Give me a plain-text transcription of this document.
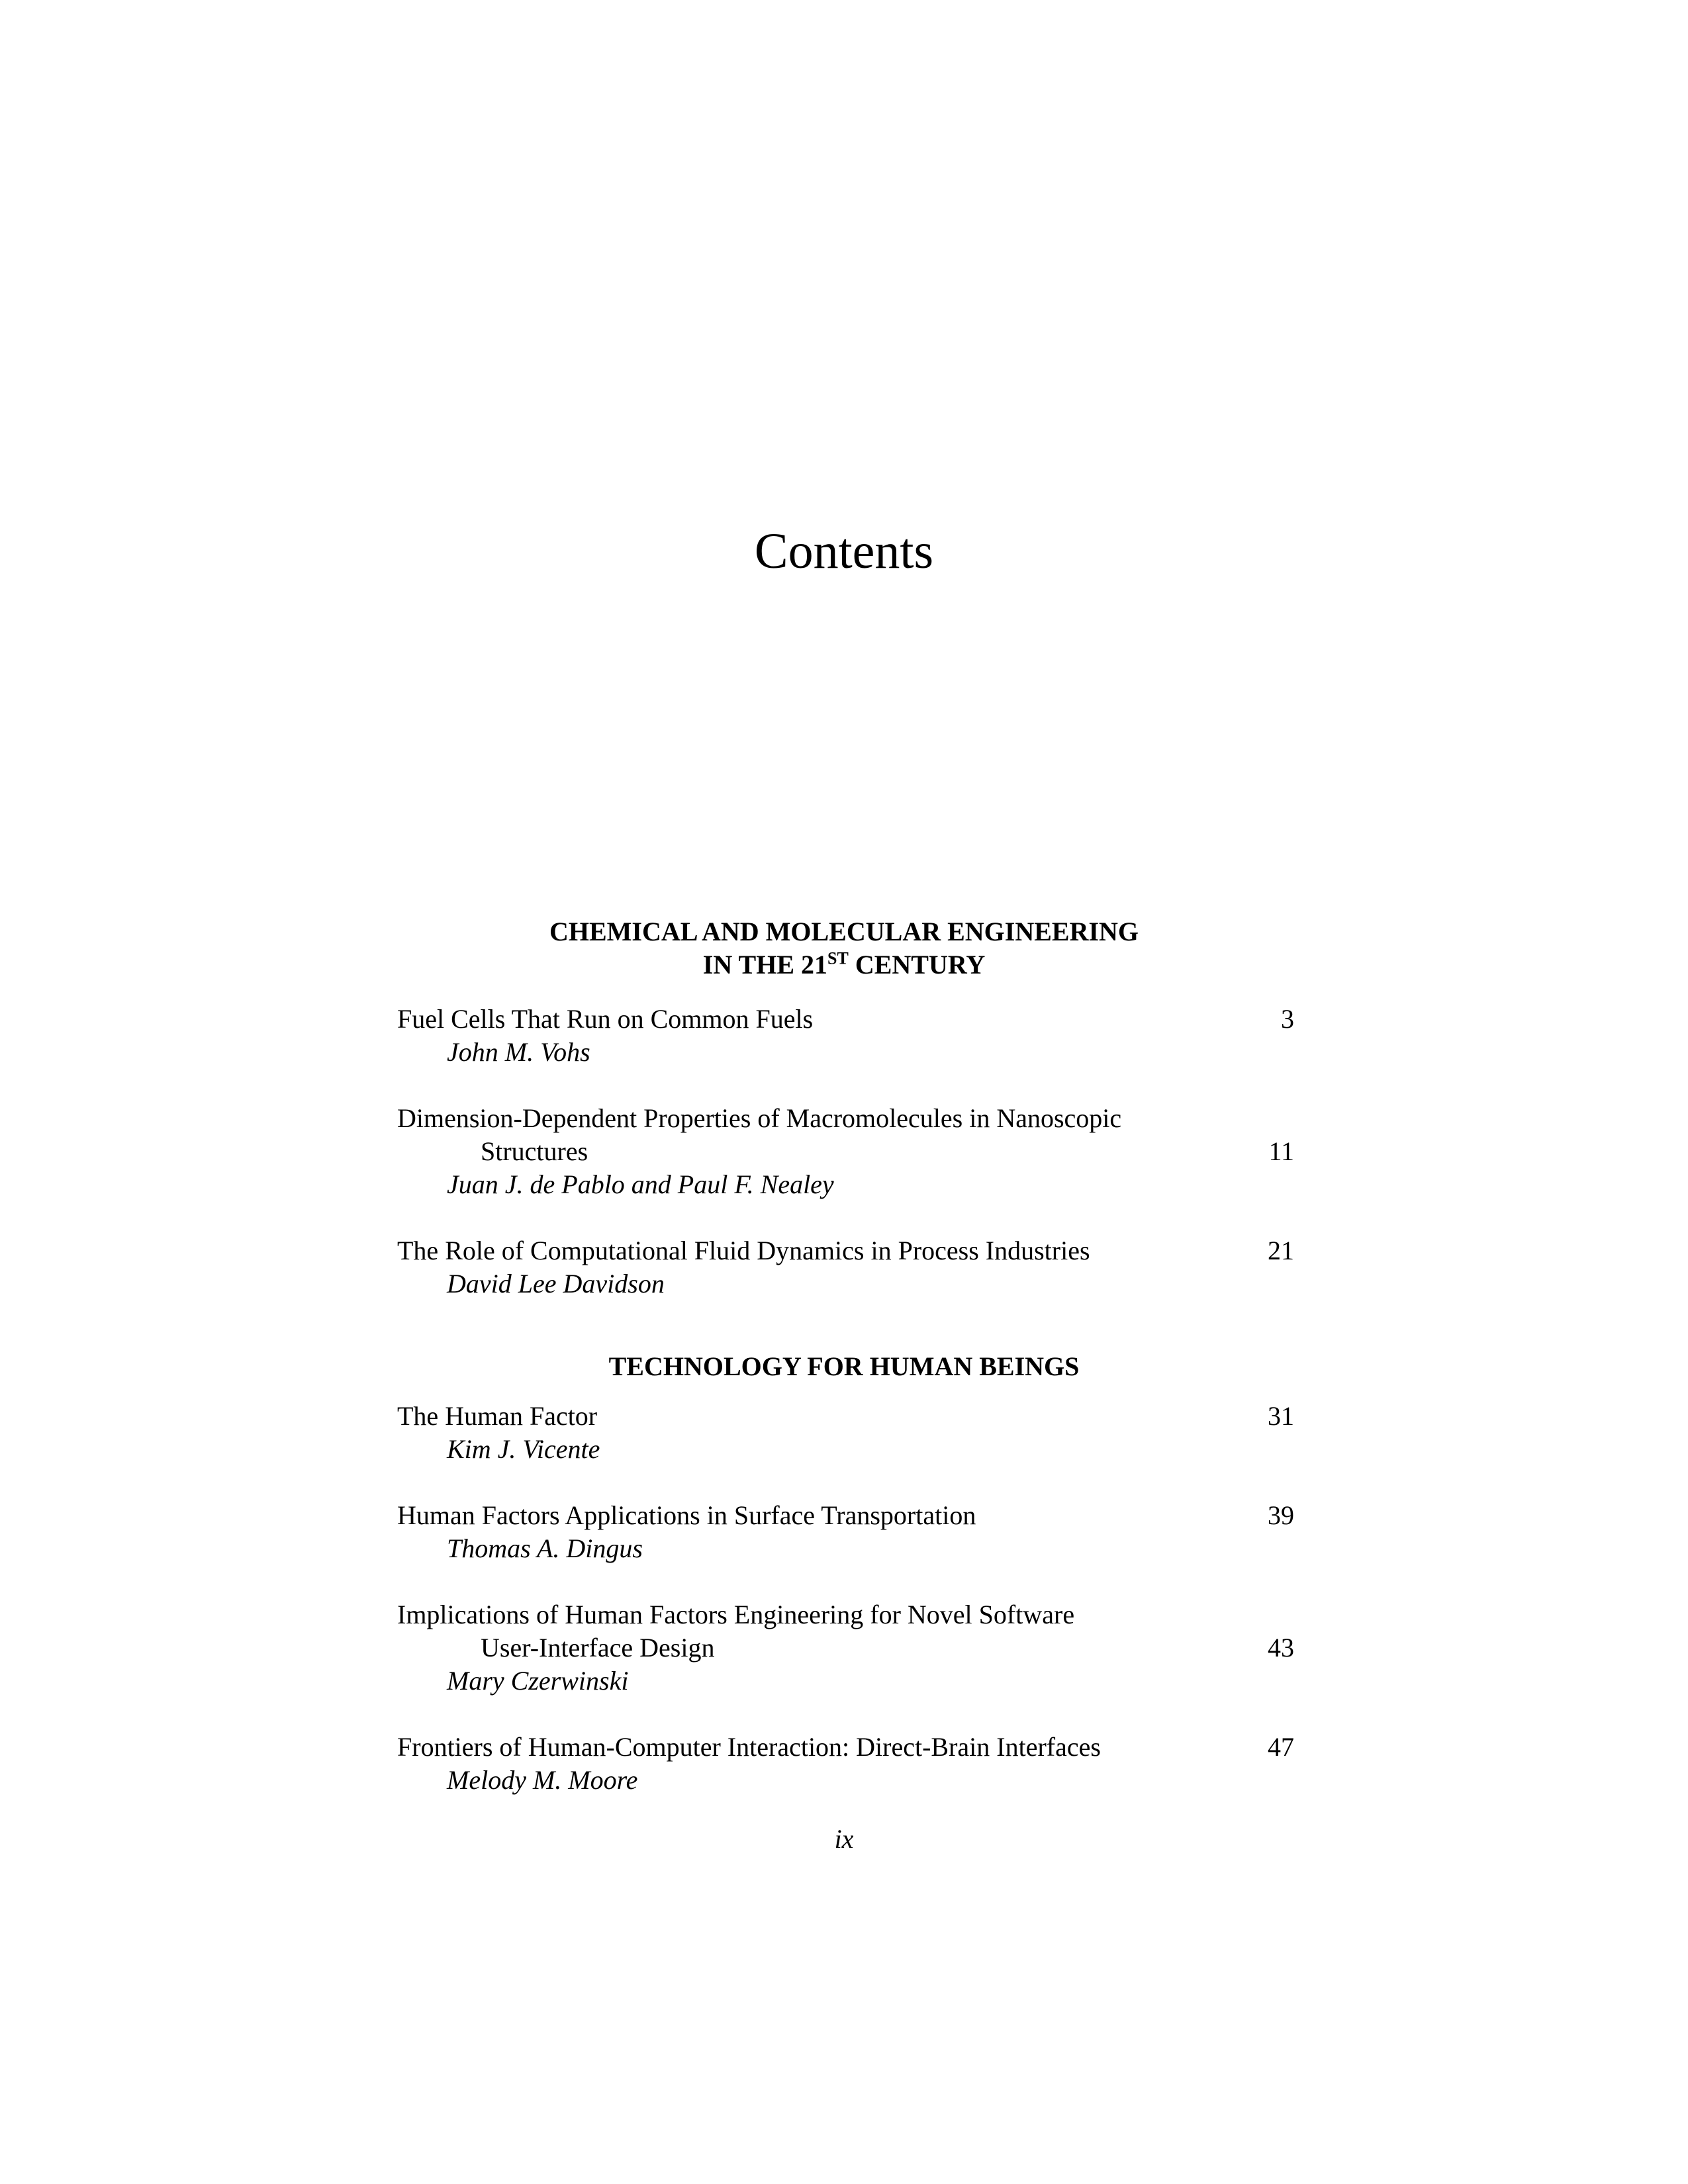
Contents
CHEMICAL AND MOLECULAR ENGINEERING
IN THE 21ST CENTURY
Fuel Cells That Run on Common Fuels	3
John M. Vohs
Dimension-Dependent Properties of Macromolecules in Nanoscopic
Structures	11
Juan J. de Pablo and Paul F. Nealey
The Role of Computational Fluid Dynamics in Process Industries	21
David Lee Davidson
TECHNOLOGY FOR HUMAN BEINGS
The Human Factor	31
Kim J. Vicente
Human Factors Applications in Surface Transportation	39
Thomas A. Dingus
Implications of Human Factors Engineering for Novel Software
User-Interface Design	43
Mary Czerwinski
Frontiers of Human-Computer Interaction: Direct-Brain Interfaces	47
Melody M. Moore
ix
